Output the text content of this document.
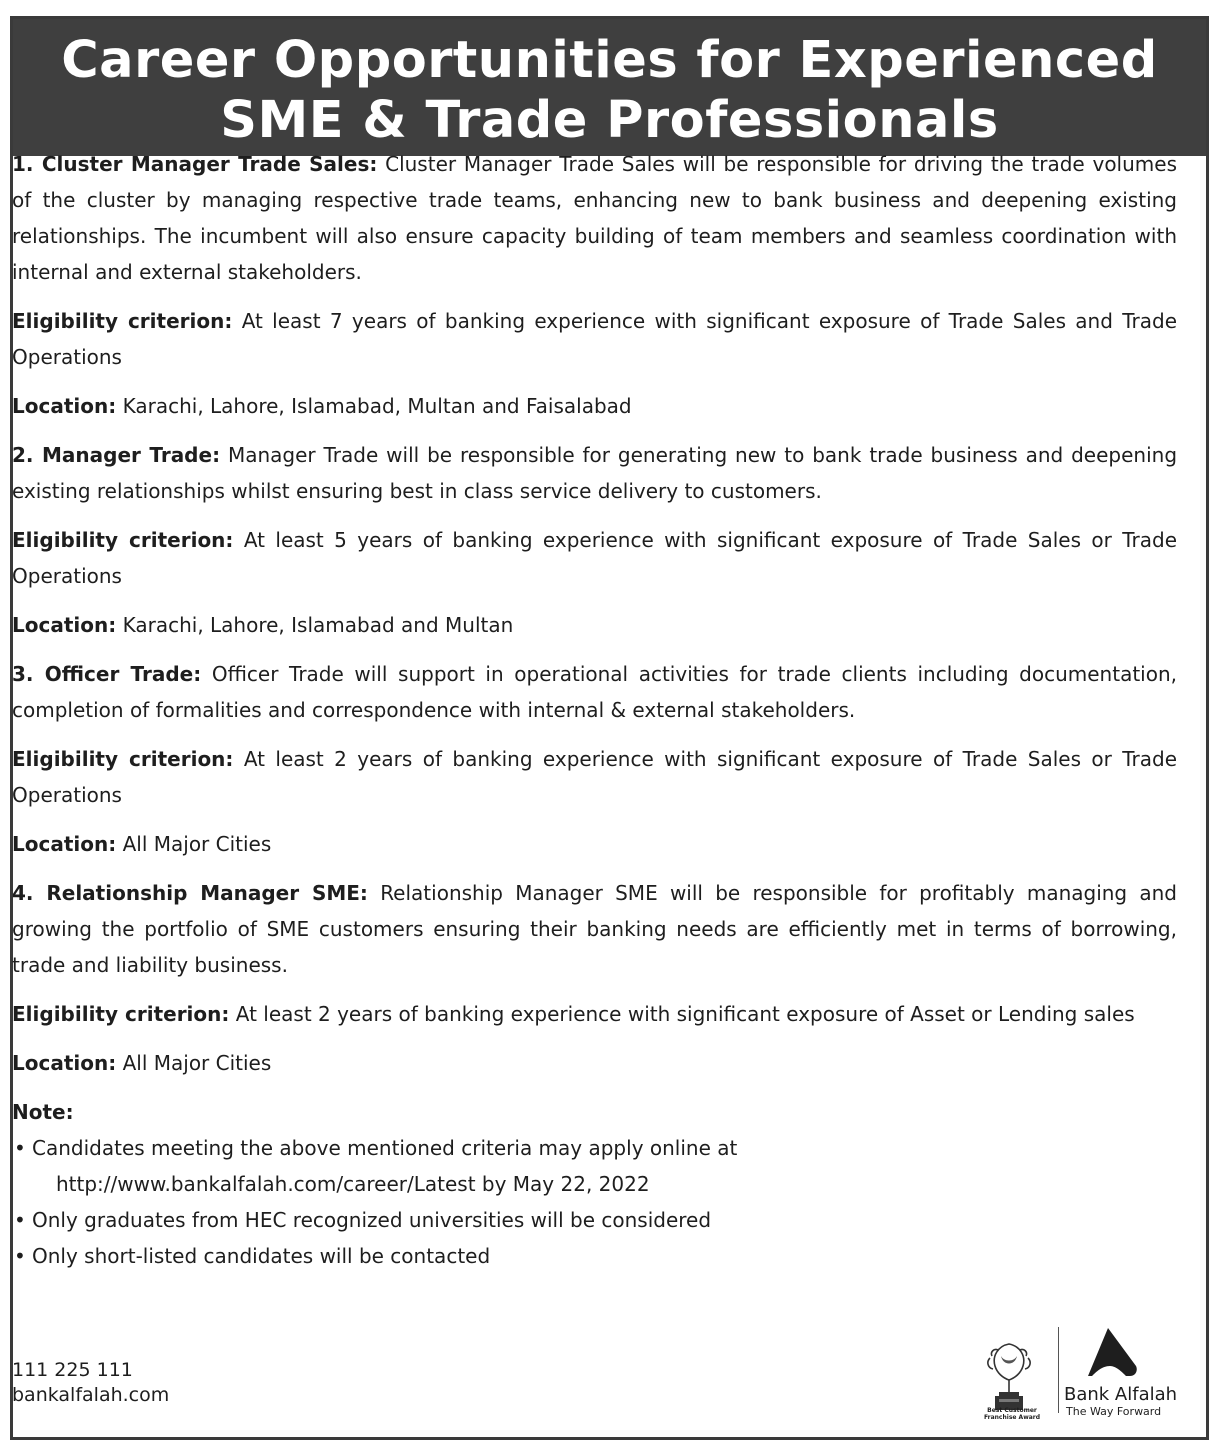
Career Opportunities for Experienced
SME & Trade Professionals

1. Cluster Manager Trade Sales: Cluster Manager Trade Sales will be responsible for driving the trade volumes of the cluster by managing respective trade teams, enhancing new to bank business and deepening existing relationships. The incumbent will also ensure capacity building of team members and seamless coordination with internal and external stakeholders.

Eligibility criterion: At least 7 years of banking experience with significant exposure of Trade Sales and Trade Operations

Location: Karachi, Lahore, Islamabad, Multan and Faisalabad

2. Manager Trade: Manager Trade will be responsible for generating new to bank trade business and deepening existing relationships whilst ensuring best in class service delivery to customers.

Eligibility criterion: At least 5 years of banking experience with significant exposure of Trade Sales or Trade Operations

Location: Karachi, Lahore, Islamabad and Multan

3. Officer Trade: Officer Trade will support in operational activities for trade clients including documentation, completion of formalities and correspondence with internal & external stakeholders.

Eligibility criterion: At least 2 years of banking experience with significant exposure of Trade Sales or Trade Operations

Location: All Major Cities

4. Relationship Manager SME: Relationship Manager SME will be responsible for profitably managing and growing the portfolio of SME customers ensuring their banking needs are efficiently met in terms of borrowing, trade and liability business.

Eligibility criterion: At least 2 years of banking experience with significant exposure of Asset or Lending sales

Location: All Major Cities

Note:
• Candidates meeting the above mentioned criteria may apply online at
http://www.bankalfalah.com/career/Latest by May 22, 2022
• Only graduates from HEC recognized universities will be considered
• Only short-listed candidates will be contacted
111 225 111
bankalfalah.com
Best Customer
Franchise Award
Bank Alfalah
The Way Forward
